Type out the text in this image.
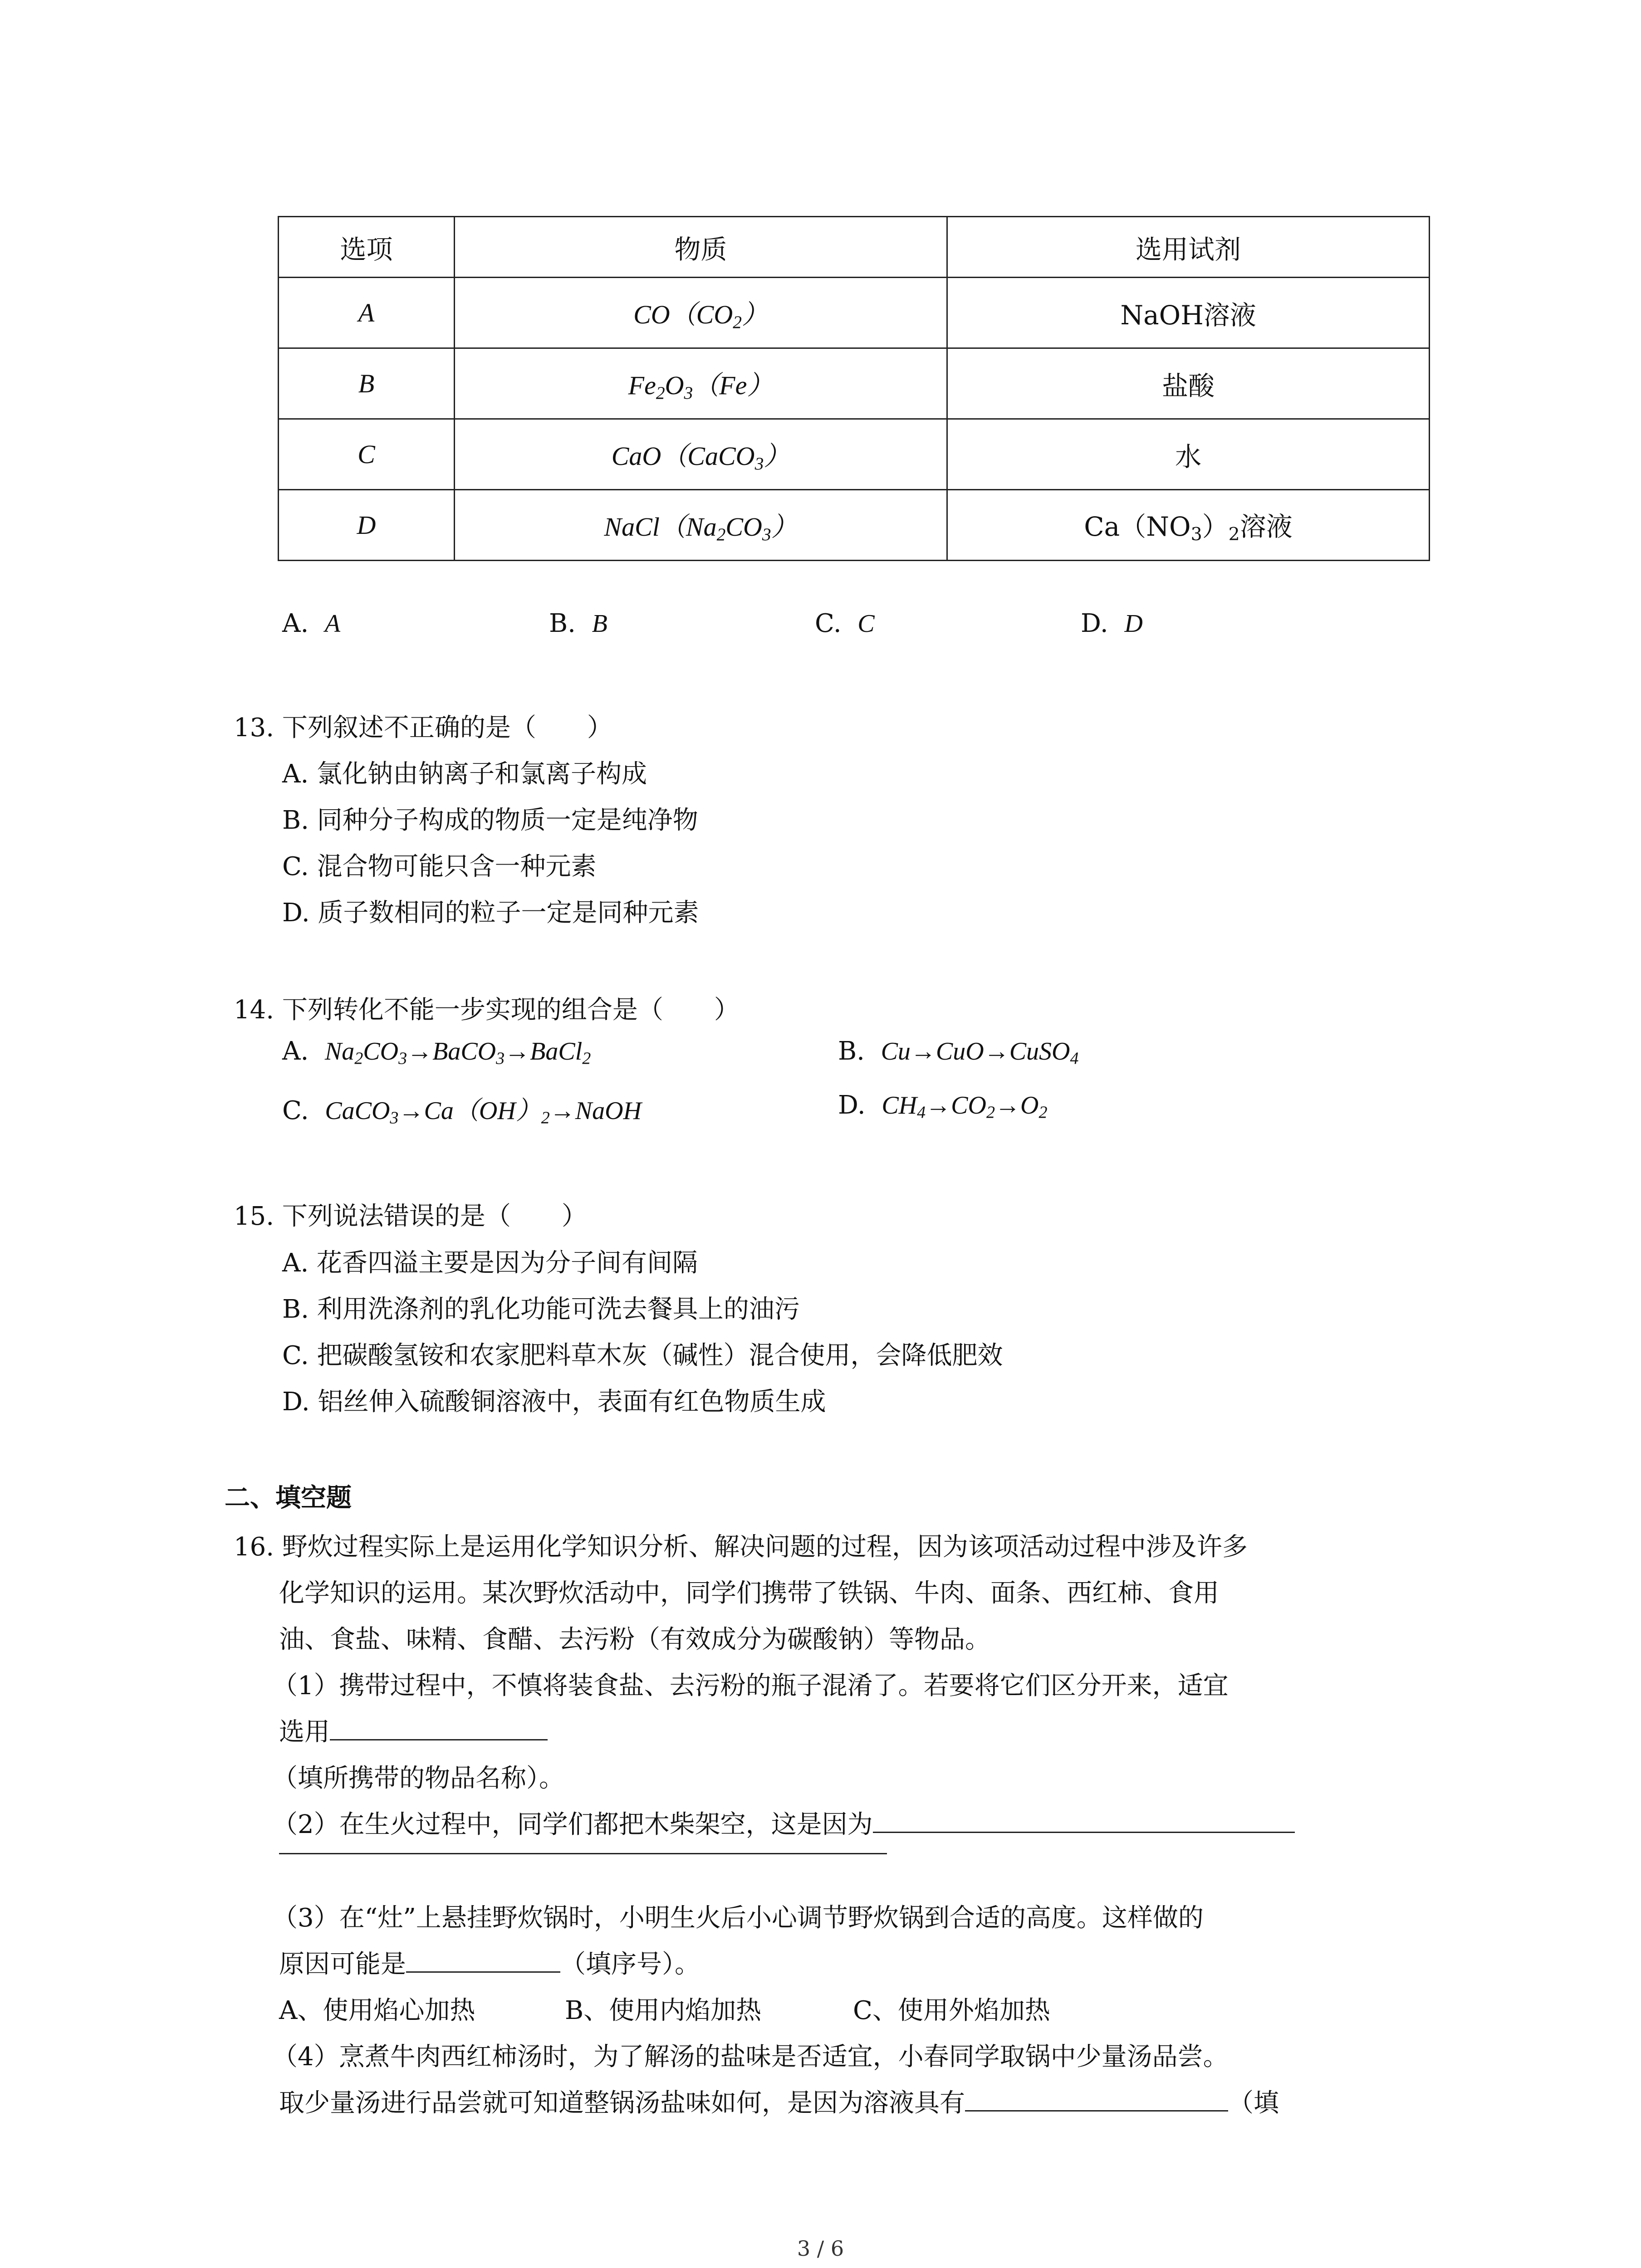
选项	物质	选用试剂
A	$CO(CO_2)$	NaOH溶液
B	$Fe_2O_3(Fe)$	盐酸
C	CaO（CaCO$_3$）	水
D	$NaCl(Na_2CO_3)$	$Ca(NO_3)_2$溶液
A. A	B. B	C. C	D. D
13. 下列叙述不正确的是（　　）
A. 氯化钠由钠离子和氯离子构成
B. 同种分子构成的物质一定是纯净物
C. 混合物可能只含一种元素
D. 质子数相同的粒子一定是同种元素
14. 下列转化不能一步实现的组合是（　　）
A. $Na_2CO_3\to BaCO_3\to BaCl_2$	B. Cu→CuO→CuSO$_4$
C. $CaCO_3\to Ca(OH)_2\to NaOH$	D. $CH_4\to CO_2\to O_2$
15. 下列说法错误的是（　　）
A. 花香四溢主要是因为分子间有间隔
B. 利用洗涤剂的乳化功能可洗去餐具上的油污
C. 把碳酸氢铵和农家肥料草木灰（碱性）混合使用，会降低肥效
D. 铝丝伸入硫酸铜溶液中，表面有红色物质生成
二、填空题
16. 野炊过程实际上是运用化学知识分析、解决问题的过程，因为该项活动过程中涉及许多
化学知识的运用。某次野炊活动中，同学们携带了铁锅、牛肉、面条、西红柿、食用
油、食盐、味精、食醋、去污粉（有效成分为碳酸钠）等物品。
（1）携带过程中，不慎将装食盐、去污粉的瓶子混淆了。若要将它们区分开来，适宜
选用
（填所携带的物品名称）。
（2）在生火过程中，同学们都把木柴架空，这是因为
（3）在“灶”上悬挂野炊锅时，小明生火后小心调节野炊锅到合适的高度。这样做的
原因可能是	（填序号）。
A、使用焰心加热	B、使用内焰加热	C、使用外焰加热
（4）烹煮牛肉西红柿汤时，为了解汤的盐味是否适宜，小春同学取锅中少量汤品尝。
取少量汤进行品尝就可知道整锅汤盐味如何，是因为溶液具有	（填
3 / 6
